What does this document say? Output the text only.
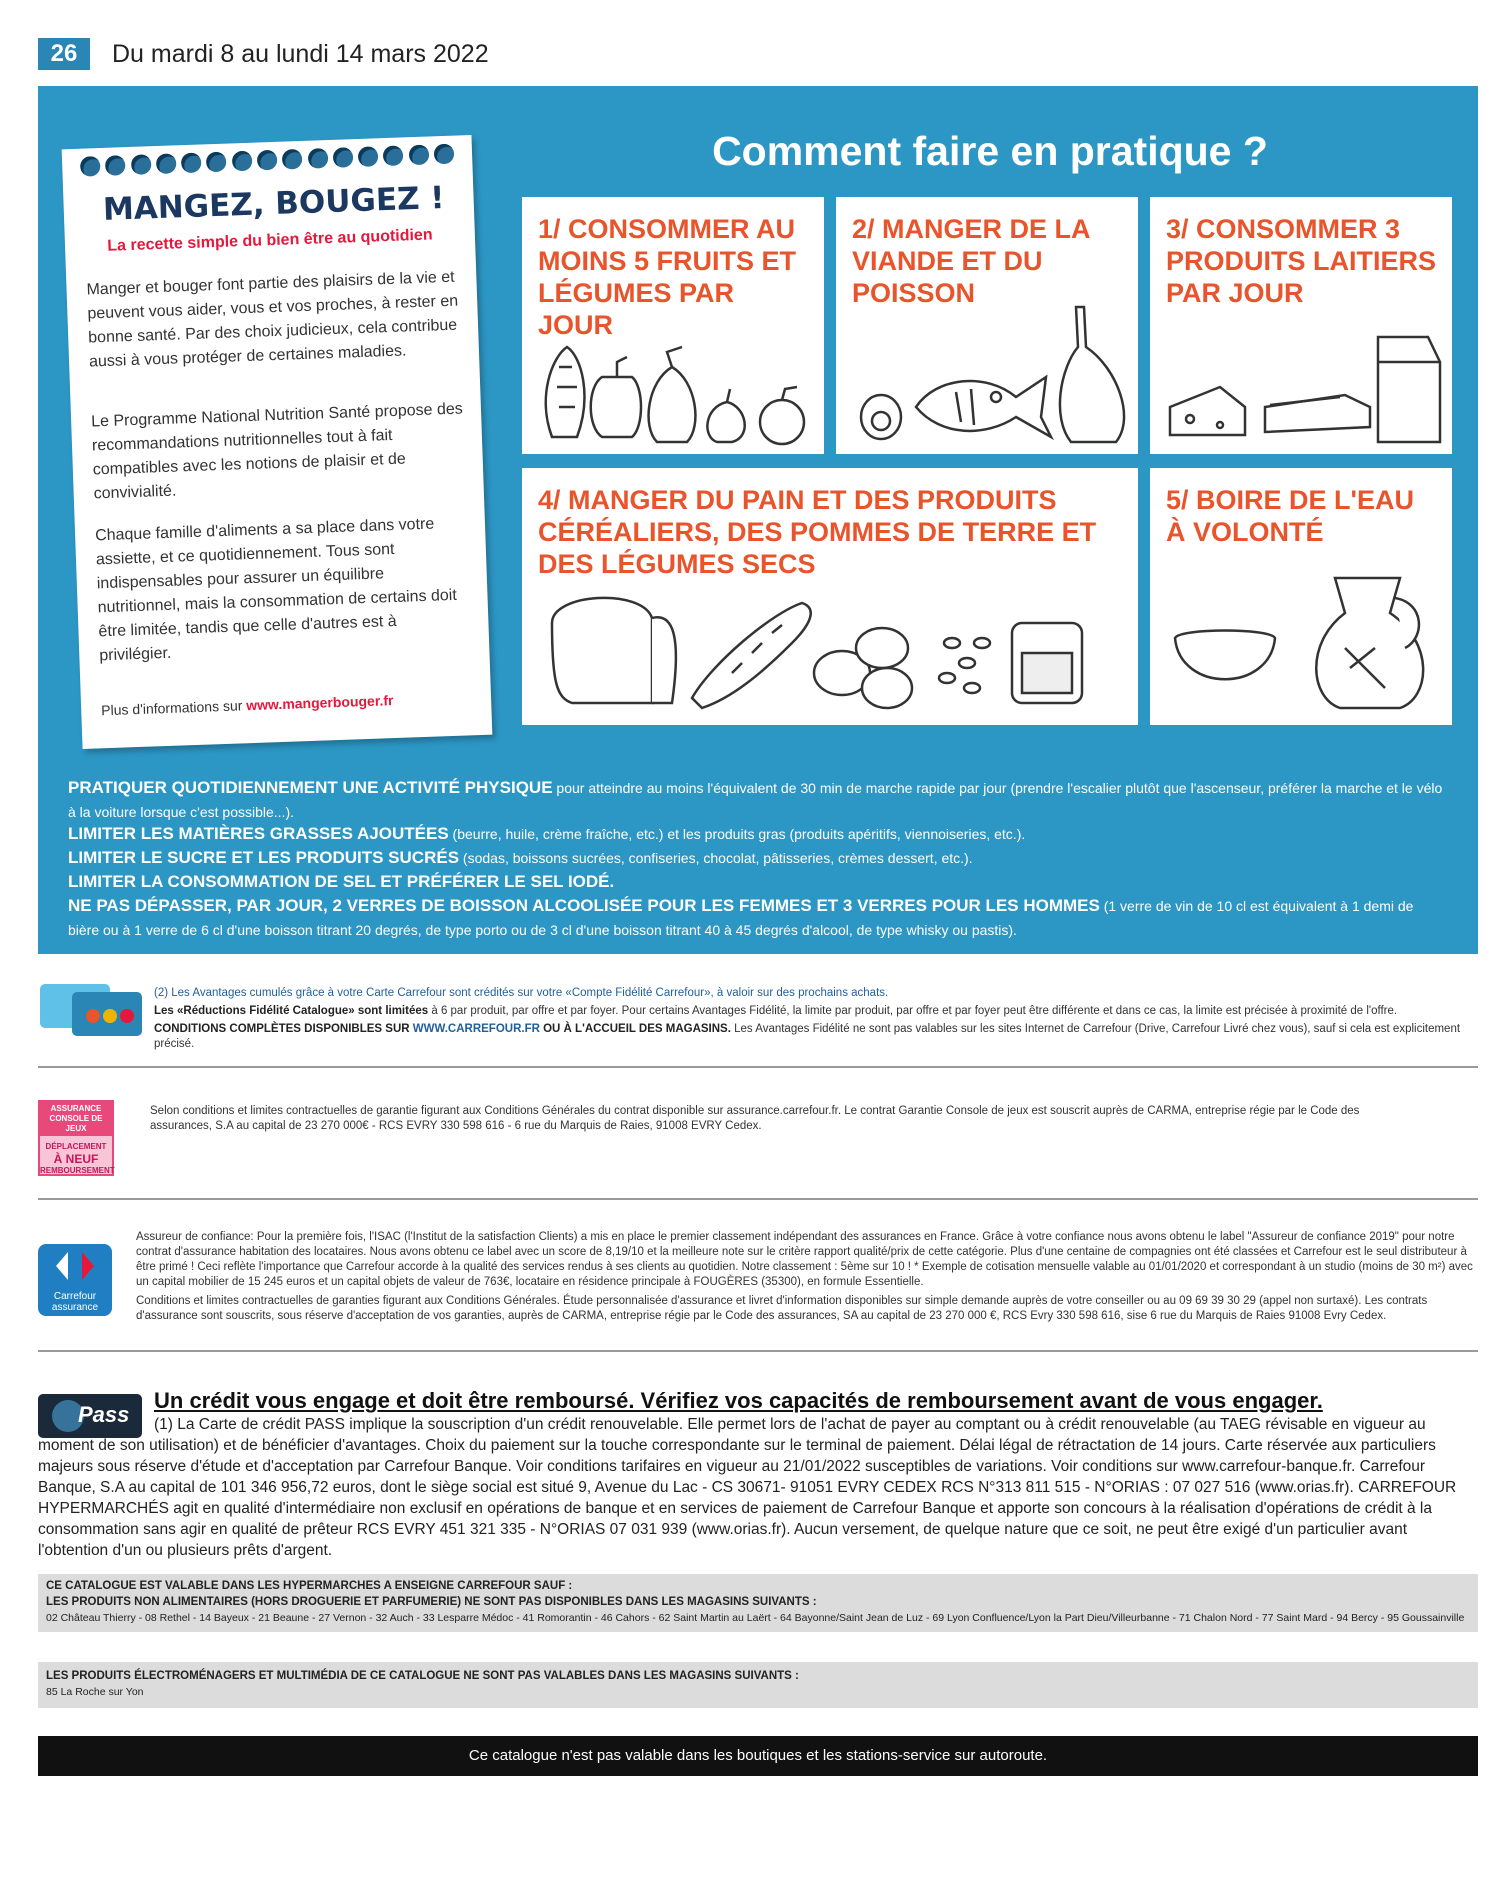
26	Du mardi 8 au lundi 14 mars 2022
Comment faire en pratique ?
MANGEZ, BOUGEZ !
La recette simple du bien être au quotidien

Manger et bouger font partie des plaisirs de la vie et peuvent vous aider, vous et vos proches, à rester en bonne santé. Par des choix judicieux, cela contribue aussi à vous protéger de certaines maladies.

Le Programme National Nutrition Santé propose des recommandations nutritionnelles tout à fait compatibles avec les notions de plaisir et de convivialité.

Chaque famille d'aliments a sa place dans votre assiette, et ce quotidiennement. Tous sont indispensables pour assurer un équilibre nutritionnel, mais la consommation de certains doit être limitée, tandis que celle d'autres est à privilégier.

Plus d'informations sur www.mangerbouger.fr

1/ CONSOMMER AU MOINS 5 FRUITS ET LÉGUMES PAR JOUR

2/ MANGER DE LA VIANDE ET DU POISSON

3/ CONSOMMER 3 PRODUITS LAITIERS PAR JOUR

4/ MANGER DU PAIN ET DES PRODUITS CÉRÉALIERS, DES POMMES DE TERRE ET DES LÉGUMES SECS

5/ BOIRE DE L'EAU À VOLONTÉ

PRATIQUER QUOTIDIENNEMENT UNE ACTIVITÉ PHYSIQUE pour atteindre au moins l'équivalent de 30 min de marche rapide par jour (prendre l'escalier plutôt que l'ascenseur, préférer la marche et le vélo à la voiture lorsque c'est possible...).

LIMITER LES MATIÈRES GRASSES AJOUTÉES (beurre, huile, crème fraîche, etc.) et les produits gras (produits apéritifs, viennoiseries, etc.).

LIMITER LE SUCRE ET LES PRODUITS SUCRÉS (sodas, boissons sucrées, confiseries, chocolat, pâtisseries, crèmes dessert, etc.).

LIMITER LA CONSOMMATION DE SEL ET PRÉFÉRER LE SEL IODÉ.

NE PAS DÉPASSER, PAR JOUR, 2 VERRES DE BOISSON ALCOOLISÉE POUR LES FEMMES ET 3 VERRES POUR LES HOMMES (1 verre de vin de 10 cl est équivalent à 1 demi de bière ou à 1 verre de 6 cl d'une boisson titrant 20 degrés, de type porto ou de 3 cl d'une boisson titrant 40 à 45 degrés d'alcool, de type whisky ou pastis).

(2) Les Avantages cumulés grâce à votre Carte Carrefour sont crédités sur votre «Compte Fidélité Carrefour», à valoir sur des prochains achats.

Les «Réductions Fidélité Catalogue» sont limitées à 6 par produit, par offre et par foyer. Pour certains Avantages Fidélité, la limite par produit, par offre et par foyer peut être différente et dans ce cas, la limite est précisée à proximité de l'offre.

CONDITIONS COMPLÈTES DISPONIBLES SUR WWW.CARREFOUR.FR OU À L'ACCUEIL DES MAGASINS. Les Avantages Fidélité ne sont pas valables sur les sites Internet de Carrefour (Drive, Carrefour Livré chez vous), sauf si cela est explicitement précisé.

ASSURANCE CONSOLE DE JEUX
DÉPLACEMENT
À NEUF
REMBOURSEMENT

Selon conditions et limites contractuelles de garantie figurant aux Conditions Générales du contrat disponible sur assurance.carrefour.fr. Le contrat Garantie Console de jeux est souscrit auprès de CARMA, entreprise régie par le Code des assurances, S.A au capital de 23 270 000€ - RCS EVRY 330 598 616 - 6 rue du Marquis de Raies, 91008 EVRY Cedex.

Carrefour assurance

Assureur de confiance: Pour la première fois, l'ISAC (l'Institut de la satisfaction Clients) a mis en place le premier classement indépendant des assurances en France. Grâce à votre confiance nous avons obtenu le label "Assureur de confiance 2019" pour notre contrat d'assurance habitation des locataires. Nous avons obtenu ce label avec un score de 8,19/10 et la meilleure note sur le critère rapport qualité/prix de cette catégorie. Plus d'une centaine de compagnies ont été classées et Carrefour est le seul distributeur à être primé ! Ceci reflète l'importance que Carrefour accorde à la qualité des services rendus à ses clients au quotidien. Notre classement : 5ème sur 10 ! * Exemple de cotisation mensuelle valable au 01/01/2020 et correspondant à un studio (moins de 30 m²) avec un capital mobilier de 15 245 euros et un capital objets de valeur de 763€, locataire en résidence principale à FOUGÈRES (35300), en formule Essentielle.

Conditions et limites contractuelles de garanties figurant aux Conditions Générales. Étude personnalisée d'assurance et livret d'information disponibles sur simple demande auprès de votre conseiller ou au 09 69 39 30 29 (appel non surtaxé). Les contrats d'assurance sont souscrits, sous réserve d'acceptation de vos garanties, auprès de CARMA, entreprise régie par le Code des assurances, SA au capital de 23 270 000 €, RCS Evry 330 598 616, sise 6 rue du Marquis de Raies 91008 Evry Cedex.

Pass
Un crédit vous engage et doit être remboursé. Vérifiez vos capacités de remboursement avant de vous engager.

(1) La Carte de crédit PASS implique la souscription d'un crédit renouvelable. Elle permet lors de l'achat de payer au comptant ou à crédit renouvelable (au TAEG révisable en vigueur au moment de son utilisation) et de bénéficier d'avantages. Choix du paiement sur la touche correspondante sur le terminal de paiement. Délai légal de rétractation de 14 jours. Carte réservée aux particuliers majeurs sous réserve d'étude et d'acceptation par Carrefour Banque. Voir conditions tarifaires en vigueur au 21/01/2022 susceptibles de variations. Voir conditions sur www.carrefour-banque.fr. Carrefour Banque, S.A au capital de 101 346 956,72 euros, dont le siège social est situé 9, Avenue du Lac - CS 30671- 91051 EVRY CEDEX RCS N°313 811 515 - N°ORIAS : 07 027 516 (www.orias.fr). CARREFOUR HYPERMARCHÉS agit en qualité d'intermédiaire non exclusif en opérations de banque et en services de paiement de Carrefour Banque et apporte son concours à la réalisation d'opérations de crédit à la consommation sans agir en qualité de prêteur RCS EVRY 451 321 335 - N°ORIAS 07 031 939 (www.orias.fr). Aucun versement, de quelque nature que ce soit, ne peut être exigé d'un particulier avant l'obtention d'un ou plusieurs prêts d'argent.

CE CATALOGUE EST VALABLE DANS LES HYPERMARCHES A ENSEIGNE CARREFOUR SAUF :

LES PRODUITS NON ALIMENTAIRES (HORS DROGUERIE ET PARFUMERIE) NE SONT PAS DISPONIBLES DANS LES MAGASINS SUIVANTS :

02 Château Thierry - 08 Rethel - 14 Bayeux - 21 Beaune - 27 Vernon - 32 Auch - 33 Lesparre Médoc - 41 Romorantin - 46 Cahors - 62 Saint Martin au Laërt - 64 Bayonne/Saint Jean de Luz - 69 Lyon Confluence/Lyon la Part Dieu/Villeurbanne - 71 Chalon Nord - 77 Saint Mard - 94 Bercy - 95 Goussainville

LES PRODUITS ÉLECTROMÉNAGERS ET MULTIMÉDIA DE CE CATALOGUE NE SONT PAS VALABLES DANS LES MAGASINS SUIVANTS :

85 La Roche sur Yon

Ce catalogue n'est pas valable dans les boutiques et les stations-service sur autoroute.
